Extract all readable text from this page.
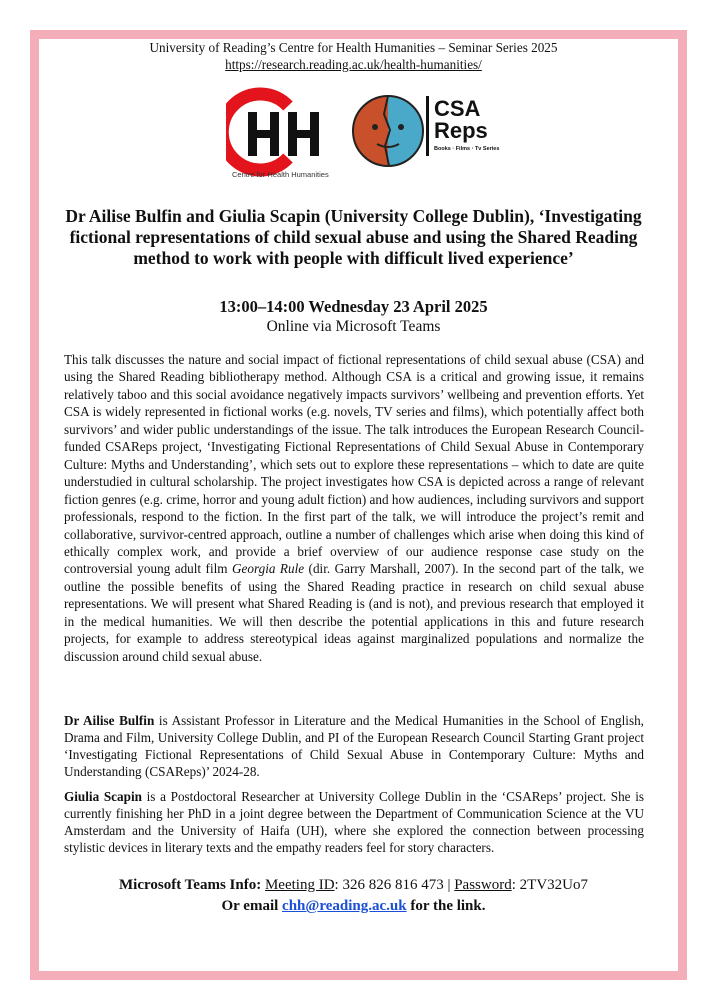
University of Reading’s Centre for Health Humanities – Seminar Series 2025
https://research.reading.ac.uk/health-humanities/
Centre for Health Humanities
CSA
Reps
Books · Films · Tv Series
Dr Ailise Bulfin and Giulia Scapin (University College Dublin), ‘Investigating fictional representations of child sexual abuse and using the Shared Reading method to work with people with difficult lived experience’
13:00–14:00 Wednesday 23 April 2025
Online via Microsoft Teams
This talk discusses the nature and social impact of fictional representations of child sexual abuse (CSA) and using the Shared Reading bibliotherapy method. Although CSA is a critical and growing issue, it remains relatively taboo and this social avoidance negatively impacts survivors’ wellbeing and prevention efforts. Yet CSA is widely represented in fictional works (e.g. novels, TV series and films), which potentially affect both survivors’ and wider public understandings of the issue. The talk introduces the European Research Council-funded CSAReps project, ‘Investigating Fictional Representations of Child Sexual Abuse in Contemporary Culture: Myths and Understanding’, which sets out to explore these representations – which to date are quite understudied in cultural scholarship. The project investigates how CSA is depicted across a range of relevant fiction genres (e.g. crime, horror and young adult fiction) and how audiences, including survivors and support professionals, respond to the fiction. In the first part of the talk, we will introduce the project’s remit and collaborative, survivor-centred approach, outline a number of challenges which arise when doing this kind of ethically complex work, and provide a brief overview of our audience response case study on the controversial young adult film Georgia Rule (dir. Garry Marshall, 2007). In the second part of the talk, we outline the possible benefits of using the Shared Reading practice in research on child sexual abuse representations. We will present what Shared Reading is (and is not), and previous research that employed it in the medical humanities. We will then describe the potential applications in this and future research projects, for example to address stereotypical ideas against marginalized populations and normalize the discussion around child sexual abuse.
Dr Ailise Bulfin is Assistant Professor in Literature and the Medical Humanities in the School of English, Drama and Film, University College Dublin, and PI of the European Research Council Starting Grant project ‘Investigating Fictional Representations of Child Sexual Abuse in Contemporary Culture: Myths and Understanding (CSAReps)’ 2024-28.
Giulia Scapin is a Postdoctoral Researcher at University College Dublin in the ‘CSAReps’ project. She is currently finishing her PhD in a joint degree between the Department of Communication Science at the VU Amsterdam and the University of Haifa (UH), where she explored the connection between processing stylistic devices in literary texts and the empathy readers feel for story characters.
Microsoft Teams Info: Meeting ID: 326 826 816 473 | Password: 2TV32Uo7
Or email chh@reading.ac.uk for the link.
